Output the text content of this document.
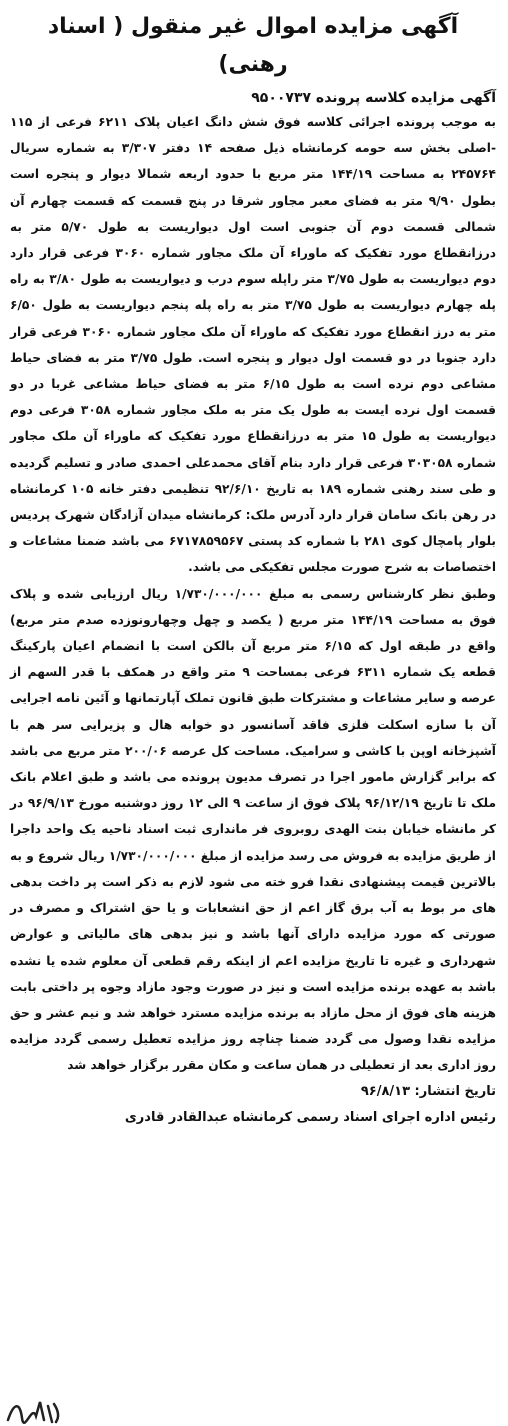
آگهی مزایده اموال غیر منقول ( اسناد رهنی)

آگهی مزایده کلاسه پرونده ۹۵۰۰۷۳۷

به موجب پرونده اجرائی کلاسه فوق شش دانگ اعیان پلاک ۶۲۱۱ فرعی از ۱۱۵ -اصلی بخش سه حومه کرمانشاه ذیل صفحه ۱۴ دفتر ۳/۳۰۷ به شماره سریال ۲۴۵۷۶۴ به مساحت ۱۴۴/۱۹ متر مربع با حدود اربعه شمالا دیوار و پنجره است بطول ۹/۹۰ متر به فضای معبر مجاور شرقا در پنج قسمت که قسمت چهارم آن شمالی قسمت دوم آن جنوبی است اول دیواریست به طول ۵/۷۰ متر به درزانقطاع مورد تفکیک که ماوراء آن ملک مجاور شماره ۳۰۶۰ فرعی قرار دارد دوم دیواریست به طول ۳/۷۵ متر راپله سوم درب و دیواریست به طول ۳/۸۰ به راه پله چهارم دیواریست به طول ۳/۷۵ متر به راه پله پنجم دیواریست به طول ۶/۵۰ متر به درز انقطاع مورد تفکیک که ماوراء آن ملک مجاور شماره ۳۰۶۰ فرعی قرار دارد جنوبا در دو قسمت اول دیوار و پنجره است. طول ۳/۷۵ متر به فضای حیاط مشاعی دوم نرده است به طول ۶/۱۵ متر به فضای حیاط مشاعی غربا در دو قسمت اول نرده ایست به طول یک متر به ملک مجاور شماره ۳۰۵۸ فرعی دوم دیواریست به طول ۱۵ متر به درزانقطاع مورد تفکیک که ماوراء آن ملک مجاور شماره ۳۰۳۰۵۸ فرعی قرار دارد بنام آقای محمدعلی احمدی صادر و تسلیم گردیده و طی سند رهنی شماره ۱۸۹ به تاریخ ۹۲/۶/۱۰ تنظیمی دفتر خانه ۱۰۵ کرمانشاه در رهن بانک سامان قرار دارد آدرس ملک: کرمانشاه میدان آزادگان شهرک پردیس بلوار پامچال کوی ۲۸۱ با شماره کد پستی ۶۷۱۷۸۵۹۵۶۷ می باشد ضمنا مشاعات و اختصاصات به شرح صورت مجلس تفکیکی می باشد.

وطبق نظر کارشناس رسمی به مبلغ ۱/۷۳۰/۰۰۰/۰۰۰ ریال ارزیابی شده و پلاک فوق به مساحت ۱۴۴/۱۹ متر مربع ( یکصد و چهل وچهارونوزده صدم متر مربع) واقع در طبقه اول که ۶/۱۵ متر مربع آن بالکن است با انضمام اعیان پارکینگ قطعه یک شماره ۶۳۱۱ فرعی بمساحت ۹ متر واقع در همکف با قدر السهم از عرصه و سایر مشاعات و مشترکات طبق قانون تملک آپارتمانها و آئین نامه اجرایی آن با سازه اسکلت فلزی فاقد آسانسور دو خوابه هال و پزیرایی سر هم با آشپزخانه اوپن با کاشی و سرامیک. مساحت کل عرصه ۲۰۰/۰۶ متر مربع می باشد که برابر گزارش مامور اجرا در تصرف مدیون پرونده می باشد و طبق اعلام بانک ملک تا تاریخ ۹۶/۱۲/۱۹ پلاک فوق از ساعت ۹ الی ۱۲ روز دوشنبه مورخ ۹۶/۹/۱۳ در کر مانشاه خیابان بنت الهدی روبروی فر مانداری ثبت اسناد ناحیه یک واحد داجرا از طریق مزایده به فروش می رسد مزایده از مبلغ ۱/۷۳۰/۰۰۰/۰۰۰ ریال شروع و به بالاترین قیمت پیشنهادی نقدا فرو خته می شود لازم به ذکر است پر داخت بدهی های مر بوط به آب برق گاز اعم از حق انشعابات و یا حق اشتراک و مصرف در صورتی که مورد مزایده دارای آنها باشد و نیز بدهی های مالیاتی و عوارض شهرداری و غیره تا تاریخ مزایده اعم از اینکه رقم قطعی آن معلوم شده یا نشده باشد به عهده برنده مزایده است و نیز در صورت وجود مازاد وجوه پر داختی بابت هزینه های فوق از محل مازاد به برنده مزایده مسترد خواهد شد و نیم عشر و حق مزایده نقدا وصول می گردد ضمنا چناچه روز مزایده تعطیل رسمی گردد مزایده روز اداری بعد از تعطیلی در همان ساعت و مکان مقرر برگزار خواهد شد

تاریخ انتشار: ۹۶/۸/۱۳

رئیس اداره اجرای اسناد رسمی کرمانشاه عبدالقادر قادری
